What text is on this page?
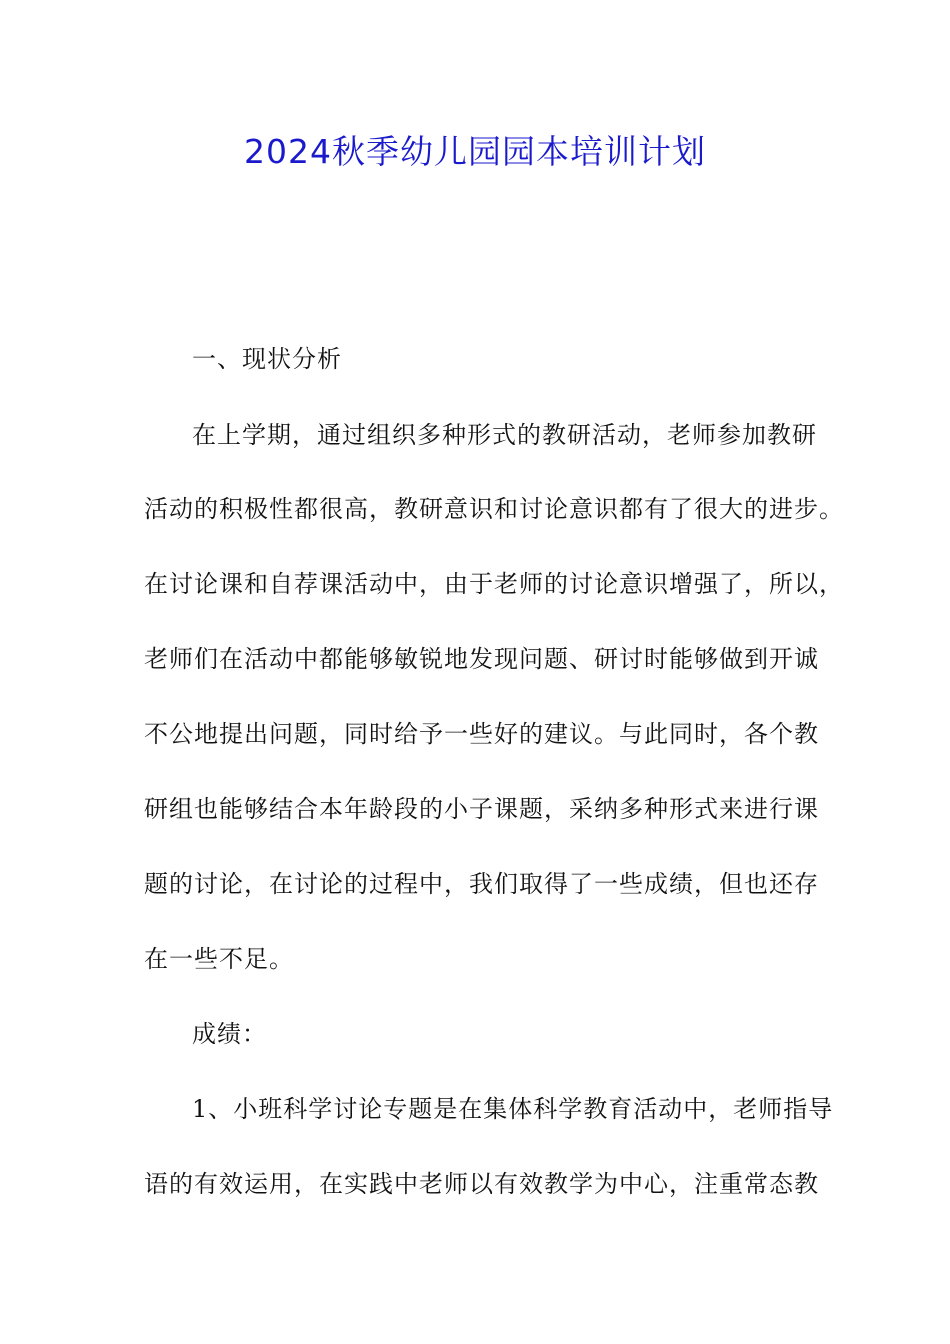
2024秋季幼儿园园本培训计划
一、现状分析
在上学期，通过组织多种形式的教研活动，老师参加教研
活动的积极性都很高，教研意识和讨论意识都有了很大的进步。
在讨论课和自荐课活动中，由于老师的讨论意识增强了，所以，
老师们在活动中都能够敏锐地发现问题、研讨时能够做到开诚
不公地提出问题，同时给予一些好的建议。与此同时，各个教
研组也能够结合本年龄段的小子课题，采纳多种形式来进行课
题的讨论，在讨论的过程中，我们取得了一些成绩，但也还存
在一些不足。
成绩：
1、小班科学讨论专题是在集体科学教育活动中，老师指导
语的有效运用，在实践中老师以有效教学为中心，注重常态教
